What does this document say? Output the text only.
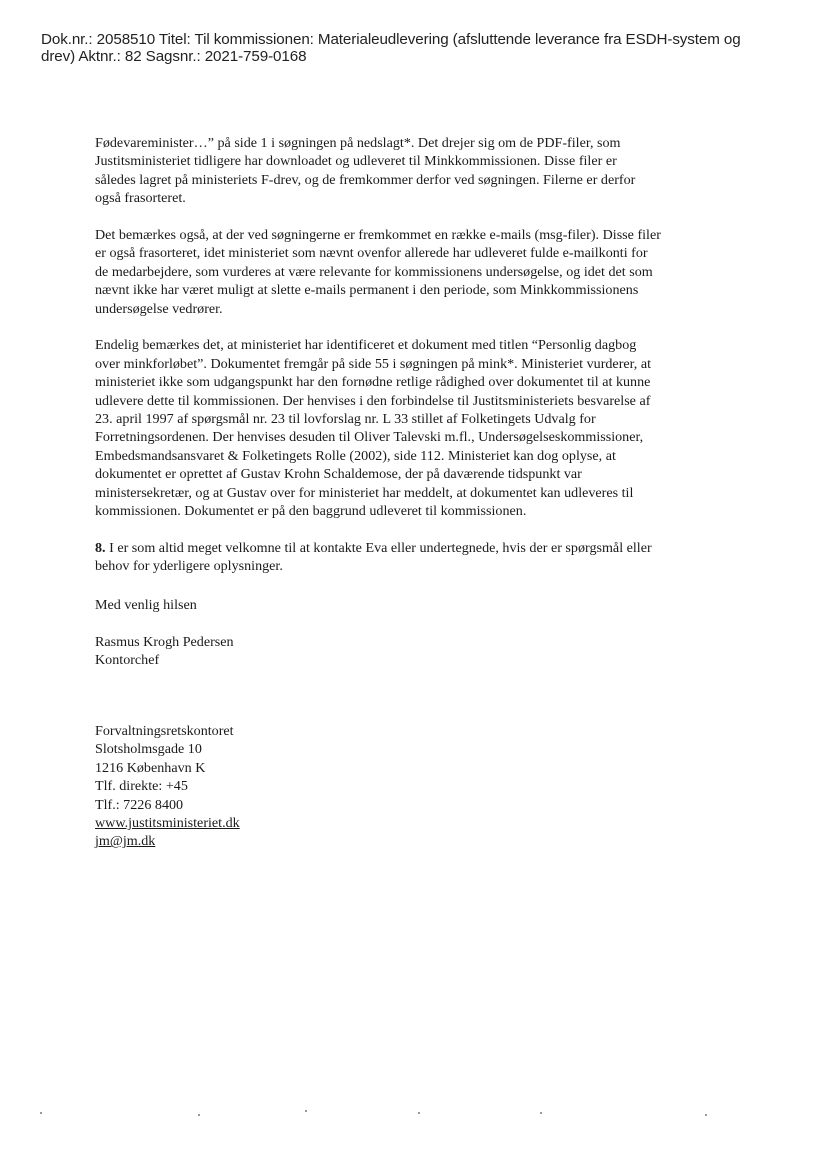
Dok.nr.: 2058510 Titel: Til kommissionen: Materialeudlevering (afsluttende leverance fra ESDH-system og
drev) Aktnr.: 82 Sagsnr.: 2021-759-0168

Fødevareminister…” på side 1 i søgningen på nedslagt*. Det drejer sig om de PDF-filer, som
Justitsministeriet tidligere har downloadet og udleveret til Minkkommissionen. Disse filer er
således lagret på ministeriets F-drev, og de fremkommer derfor ved søgningen. Filerne er derfor
også frasorteret.

Det bemærkes også, at der ved søgningerne er fremkommet en række e-mails (msg-filer). Disse filer
er også frasorteret, idet ministeriet som nævnt ovenfor allerede har udleveret fulde e-mailkonti for
de medarbejdere, som vurderes at være relevante for kommissionens undersøgelse, og idet det som
nævnt ikke har været muligt at slette e-mails permanent i den periode, som Minkkommissionens
undersøgelse vedrører.

Endelig bemærkes det, at ministeriet har identificeret et dokument med titlen “Personlig dagbog
over minkforløbet”. Dokumentet fremgår på side 55 i søgningen på mink*. Ministeriet vurderer, at
ministeriet ikke som udgangspunkt har den fornødne retlige rådighed over dokumentet til at kunne
udlevere dette til kommissionen. Der henvises i den forbindelse til Justitsministeriets besvarelse af
23. april 1997 af spørgsmål nr. 23 til lovforslag nr. L 33 stillet af Folketingets Udvalg for
Forretningsordenen. Der henvises desuden til Oliver Talevski m.fl., Undersøgelseskommissioner,
Embedsmandsansvaret & Folketingets Rolle (2002), side 112. Ministeriet kan dog oplyse, at
dokumentet er oprettet af Gustav Krohn Schaldemose, der på daværende tidspunkt var
ministersekretær, og at Gustav over for ministeriet har meddelt, at dokumentet kan udleveres til
kommissionen. Dokumentet er på den baggrund udleveret til kommissionen.

8. I er som altid meget velkomne til at kontakte Eva eller undertegnede, hvis der er spørgsmål eller
behov for yderligere oplysninger.

Med venlig hilsen
Rasmus Krogh Pedersen
Kontorchef
Forvaltningsretskontoret
Slotsholmsgade 10
1216 København K
Tlf. direkte: +45
Tlf.: 7226 8400
www.justitsministeriet.dk
jm@jm.dk
